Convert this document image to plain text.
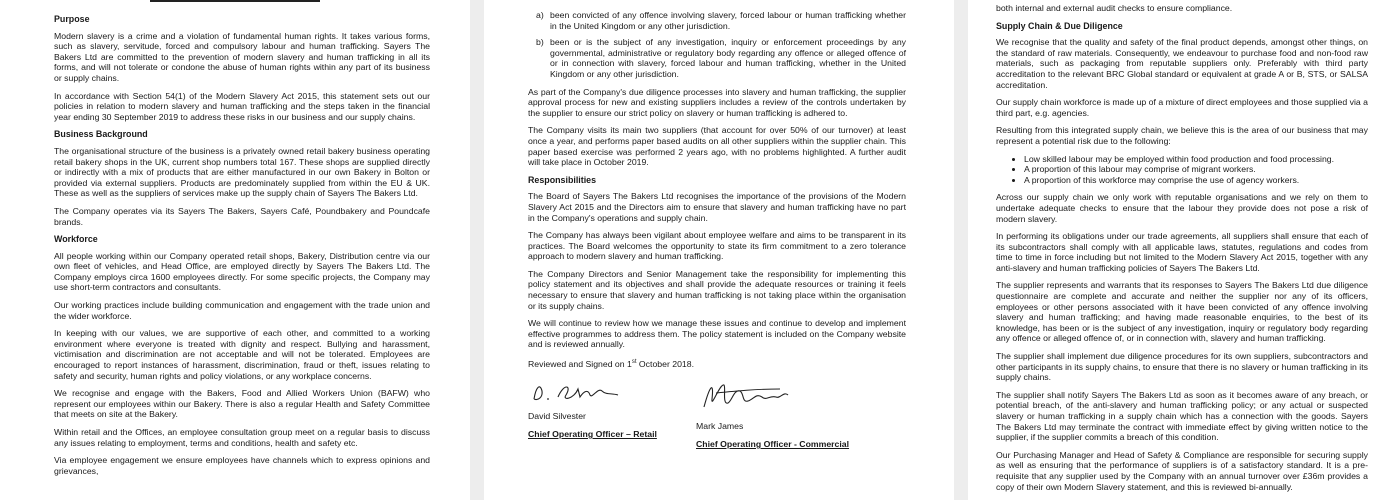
Purpose

Modern slavery is a crime and a violation of fundamental human rights. It takes various forms, such as slavery, servitude, forced and compulsory labour and human trafficking. Sayers The Bakers Ltd are committed to the prevention of modern slavery and human trafficking in all its forms, and will not tolerate or condone the abuse of human rights within any part of its business or supply chains.

In accordance with Section 54(1) of the Modern Slavery Act 2015, this statement sets out our policies in relation to modern slavery and human trafficking and the steps taken in the financial year ending 30 September 2019 to address these risks in our business and our supply chains.

Business Background

The organisational structure of the business is a privately owned retail bakery business operating retail bakery shops in the UK, current shop numbers total 167. These shops are supplied directly or indirectly with a mix of products that are either manufactured in our own Bakery in Bolton or provided via external suppliers. Products are predominately supplied from within the EU & UK. These as well as the suppliers of services make up the supply chain of Sayers The Bakers Ltd.

The Company operates via its Sayers The Bakers, Sayers Café, Poundbakery and Poundcafe brands.

Workforce

All people working within our Company operated retail shops, Bakery, Distribution centre via our own fleet of vehicles, and Head Office, are employed directly by Sayers The Bakers Ltd. The Company employs circa 1600 employees directly. For some specific projects, the Company may use short-term contractors and consultants.

Our working practices include building communication and engagement with the trade union and the wider workforce.

In keeping with our values, we are supportive of each other, and committed to a working environment where everyone is treated with dignity and respect. Bullying and harassment, victimisation and discrimination are not acceptable and will not be tolerated. Employees are encouraged to report instances of harassment, discrimination, fraud or theft, issues relating to safety and security, human rights and policy violations, or any workplace concerns.

We recognise and engage with the Bakers, Food and Allied Workers Union (BAFW) who represent our employees within our Bakery. There is also a regular Health and Safety Committee that meets on site at the Bakery.

Within retail and the Offices, an employee consultation group meet on a regular basis to discuss any issues relating to employment, terms and conditions, health and safety etc.

Via employee engagement we ensure employees have channels which to express opinions and grievances,

a) been convicted of any offence involving slavery, forced labour or human trafficking whether in the United Kingdom or any other jurisdiction.
b) been or is the subject of any investigation, inquiry or enforcement proceedings by any governmental, administrative or regulatory body regarding any offence or alleged offence of or in connection with slavery, forced labour and human trafficking, whether in the United Kingdom or any other jurisdiction.

As part of the Company's due diligence processes into slavery and human trafficking, the supplier approval process for new and existing suppliers includes a review of the controls undertaken by the supplier to ensure our strict policy on slavery or human trafficking is adhered to.

The Company visits its main two suppliers (that account for over 50% of our turnover) at least once a year, and performs paper based audits on all other suppliers within the supplier chain. This paper based exercise was performed 2 years ago, with no problems highlighted. A further audit will take place in October 2019.

Responsibilities

The Board of Sayers The Bakers Ltd recognises the importance of the provisions of the Modern Slavery Act 2015 and the Directors aim to ensure that slavery and human trafficking have no part in the Company's operations and supply chain.

The Company has always been vigilant about employee welfare and aims to be transparent in its practices. The Board welcomes the opportunity to state its firm commitment to a zero tolerance approach to modern slavery and human trafficking.

The Company Directors and Senior Management take the responsibility for implementing this policy statement and its objectives and shall provide the adequate resources or training it feels necessary to ensure that slavery and human trafficking is not taking place within the organisation or its supply chains.

We will continue to review how we manage these issues and continue to develop and implement effective programmes to address them. The policy statement is included on the Company website and is reviewed annually.

Reviewed and Signed on 1st October 2018.

David Silvester
Chief Operating Officer – Retail
Mark James
Chief Operating Officer - Commercial

both internal and external audit checks to ensure compliance.

Supply Chain & Due Diligence

We recognise that the quality and safety of the final product depends, amongst other things, on the standard of raw materials. Consequently, we endeavour to purchase food and non-food raw materials, such as packaging from reputable suppliers only. Preferably with third party accreditation to the relevant BRC Global standard or equivalent at grade A or B, STS, or SALSA accreditation.

Our supply chain workforce is made up of a mixture of direct employees and those supplied via a third part, e.g. agencies.

Resulting from this integrated supply chain, we believe this is the area of our business that may represent a potential risk due to the following:

• Low skilled labour may be employed within food production and food processing.
• A proportion of this labour may comprise of migrant workers.
• A proportion of this workforce may comprise the use of agency workers.

Across our supply chain we only work with reputable organisations and we rely on them to undertake adequate checks to ensure that the labour they provide does not pose a risk of modern slavery.

In performing its obligations under our trade agreements, all suppliers shall ensure that each of its subcontractors shall comply with all applicable laws, statutes, regulations and codes from time to time in force including but not limited to the Modern Slavery Act 2015, together with any anti-slavery and human trafficking policies of Sayers The Bakers Ltd.

The supplier represents and warrants that its responses to Sayers The Bakers Ltd due diligence questionnaire are complete and accurate and neither the supplier nor any of its officers, employees or other persons associated with it have been convicted of any offence involving slavery and human trafficking; and having made reasonable enquiries, to the best of its knowledge, has been or is the subject of any investigation, inquiry or regulatory body regarding any offence or alleged offence of, or in connection with, slavery and human trafficking.

The supplier shall implement due diligence procedures for its own suppliers, subcontractors and other participants in its supply chains, to ensure that there is no slavery or human trafficking in its supply chains.

The supplier shall notify Sayers The Bakers Ltd as soon as it becomes aware of any breach, or potential breach, of the anti-slavery and human trafficking policy; or any actual or suspected slavery or human trafficking in a supply chain which has a connection with the goods. Sayers The Bakers Ltd may terminate the contract with immediate effect by giving written notice to the supplier, if the supplier commits a breach of this condition.

Our Purchasing Manager and Head of Safety & Compliance are responsible for securing supply as well as ensuring that the performance of suppliers is of a satisfactory standard. It is a pre-requisite that any supplier used by the Company with an annual turnover over £36m provides a copy of their own Modern Slavery statement, and this is reviewed bi-annually.
